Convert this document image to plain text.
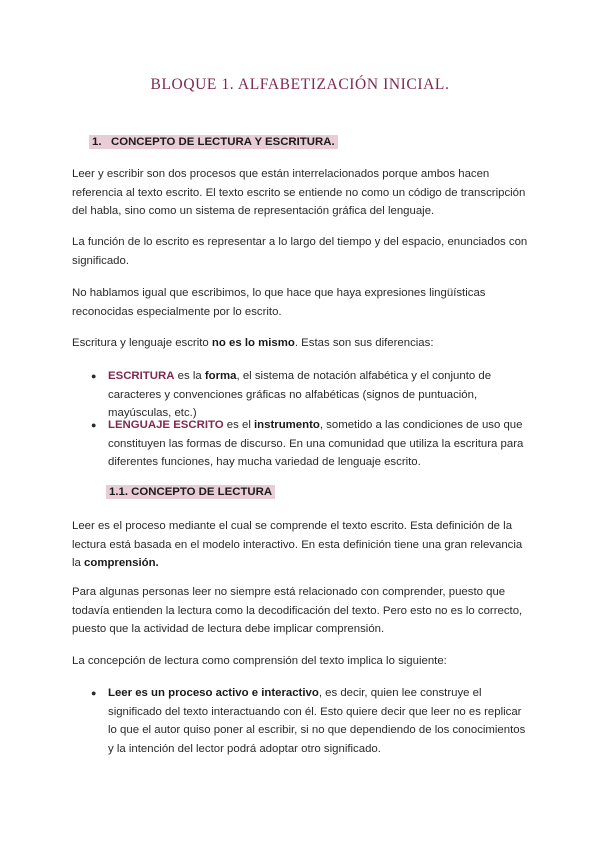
BLOQUE 1. ALFABETIZACIÓN INICIAL.
1. CONCEPTO DE LECTURA Y ESCRITURA.

Leer y escribir son dos procesos que están interrelacionados porque ambos hacen referencia al texto escrito. El texto escrito se entiende no como un código de transcripción del habla, sino como un sistema de representación gráfica del lenguaje.

La función de lo escrito es representar a lo largo del tiempo y del espacio, enunciados con significado.

No hablamos igual que escribimos, lo que hace que haya expresiones lingüísticas reconocidas especialmente por lo escrito.

Escritura y lenguaje escrito no es lo mismo. Estas son sus diferencias:

● ESCRITURA es la forma, el sistema de notación alfabética y el conjunto de caracteres y convenciones gráficas no alfabéticas (signos de puntuación, mayúsculas, etc.)

● LENGUAJE ESCRITO es el instrumento, sometido a las condiciones de uso que constituyen las formas de discurso. En una comunidad que utiliza la escritura para diferentes funciones, hay mucha variedad de lenguaje escrito.

1.1. CONCEPTO DE LECTURA

Leer es el proceso mediante el cual se comprende el texto escrito. Esta definición de la lectura está basada en el modelo interactivo. En esta definición tiene una gran relevancia la comprensión.

Para algunas personas leer no siempre está relacionado con comprender, puesto que todavía entienden la lectura como la decodificación del texto. Pero esto no es lo correcto, puesto que la actividad de lectura debe implicar comprensión.

La concepción de lectura como comprensión del texto implica lo siguiente:

● Leer es un proceso activo e interactivo, es decir, quien lee construye el significado del texto interactuando con él. Esto quiere decir que leer no es replicar lo que el autor quiso poner al escribir, si no que dependiendo de los conocimientos y la intención del lector podrá adoptar otro significado.
